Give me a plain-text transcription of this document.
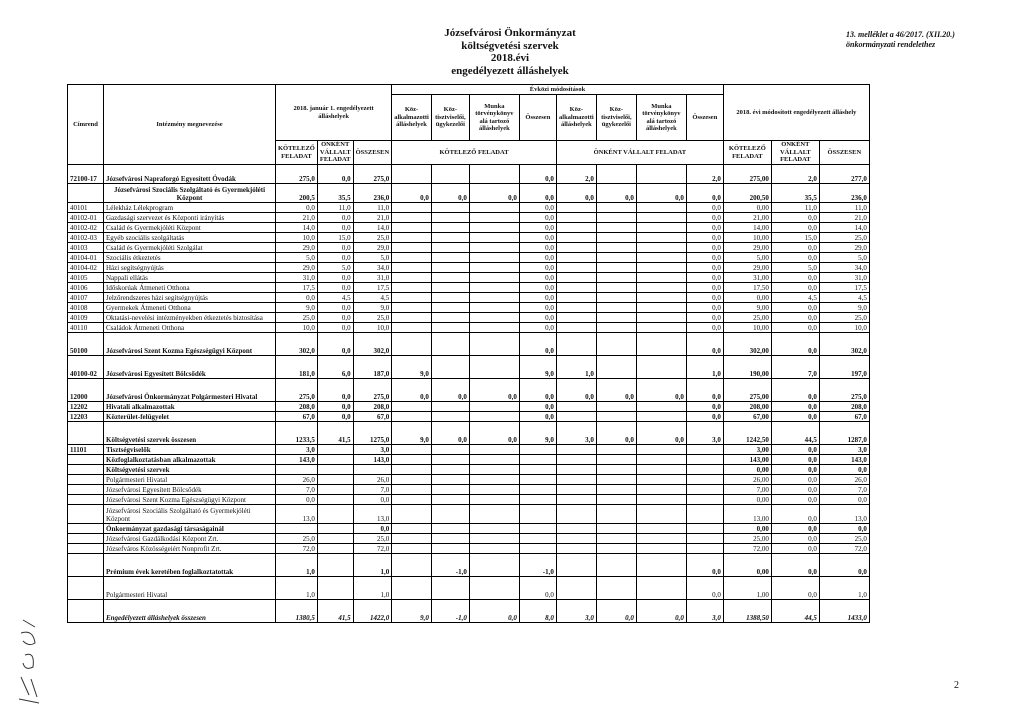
Józsefvárosi Önkormányzat
költségvetési szervek
2018.évi
engedélyezett álláshelyek
13. melléklet a 46/2017. (XII.20.)
önkormányzati rendelethez
Címrend	Intézmény megnevezése	2018. január 1. engedélyezett álláshelyek			Évközi módosítások								2018. évi módosított engedélyezett álláshely		
					Köz-alkalmazotti álláshelyek	Köz-tisztviselői, ügykezelői	Munka törvénykönyv alá tartozó álláshelyek	Összesen	Köz-alkalmazotti álláshelyek	Köz-tisztviselői, ügykezelői	Munka törvénykönyv alá tartozó álláshelyek	Összesen			
		KÖTELEZŐ FELADAT	ÖNKÉNT VÁLLALT FELADAT	ÖSSZESEN	KÖTELEZŐ FELADAT				ÖNKÉNT VÁLLALT FELADAT				KÖTELEZŐ FELADAT	ÖNKÉNT VÁLLALT FELADAT	ÖSSZESEN
72100-17	Józsefvárosi Napraforgó Egyesített Óvodák	275,0	0,0	275,0				0,0	2,0			2,0	275,00	2,0	277,0
	Józsefvárosi Szociális Szolgáltató és Gyermekjóléti Központ	200,5	35,5	236,0	0,0	0,0	0,0	0,0	0,0	0,0	0,0	0,0	200,50	35,5	236,0
40101	Lélekház Lélekprogram	0,0	11,0	11,0				0,0				0,0	0,00	11,0	11,0
40102-01	Gazdasági szervezet és Központi irányítás	21,0	0,0	21,0				0,0				0,0	21,00	0,0	21,0
40102-02	Család és Gyermekjóléti Központ	14,0	0,0	14,0				0,0				0,0	14,00	0,0	14,0
40102-03	Egyéb szociális szolgáltatás	10,0	15,0	25,0				0,0				0,0	10,00	15,0	25,0
40103	Család és Gyermekjóléti Szolgálat	29,0	0,0	29,0				0,0				0,0	29,00	0,0	29,0
40104-01	Szociális étkeztetés	5,0	0,0	5,0				0,0				0,0	5,00	0,0	5,0
40104-02	Házi segítségnyújtás	29,0	5,0	34,0				0,0				0,0	29,00	5,0	34,0
40105	Nappali ellátás	31,0	0,0	31,0				0,0				0,0	31,00	0,0	31,0
40106	Időskorúak Átmeneti Otthona	17,5	0,0	17,5				0,0				0,0	17,50	0,0	17,5
40107	Jelzőrendszeres házi segítségnyújtás	0,0	4,5	4,5				0,0				0,0	0,00	4,5	4,5
40108	Gyermekek Átmeneti Otthona	9,0	0,0	9,0				0,0				0,0	9,00	0,0	9,0
40109	Oktatási-nevelési intézményekben étkeztetés biztosítása	25,0	0,0	25,0				0,0				0,0	25,00	0,0	25,0
40110	Családok Átmeneti Otthona	10,0	0,0	10,0				0,0				0,0	10,00	0,0	10,0
50100	Józsefvárosi Szent Kozma Egészségügyi Központ	302,0	0,0	302,0				0,0				0,0	302,00	0,0	302,0
40100-02	Józsefvárosi Egyesített Bölcsődék	181,0	6,0	187,0	9,0			9,0	1,0			1,0	190,00	7,0	197,0
12000	Józsefvárosi Önkormányzat Polgármesteri Hivatal	275,0	0,0	275,0	0,0	0,0	0,0	0,0	0,0	0,0	0,0	0,0	275,00	0,0	275,0
12202	Hivatali alkalmazottak	208,0	0,0	208,0				0,0				0,0	208,00	0,0	208,0
12203	Közterület-felügyelet	67,0	0,0	67,0				0,0				0,0	67,00	0,0	67,0
	Költségvetési szervek összesen	1233,5	41,5	1275,0	9,0	0,0	0,0	9,0	3,0	0,0	0,0	3,0	1242,50	44,5	1287,0
11101	Tisztségviselők	3,0		3,0									3,00	0,0	3,0
	Közfoglalkoztatásban alkalmazottak	143,0		143,0									143,00	0,0	143,0
	Költségvetési szervek												0,00	0,0	0,0
	Polgármesteri Hivatal	26,0		26,0									26,00	0,0	26,0
	Józsefvárosi Egyesített Bölcsődék	7,0		7,0									7,00	0,0	7,0
	Józsefvárosi Szent Kozma Egészségügyi Központ	0,0		0,0									0,00	0,0	0,0
	Józsefvárosi Szociális Szolgáltató és Gyermekjóléti Központ	13,0		13,0									13,00	0,0	13,0
	Önkormányzat gazdasági társaságainál			0,0									0,00	0,0	0,0
	Józsefvárosi Gazdálkodási Központ Zrt.	25,0		25,0									25,00	0,0	25,0
	Józsefváros Közösségeiért Nonprofit Zrt.	72,0		72,0									72,00	0,0	72,0
	Prémium évek keretében foglalkoztatottak	1,0		1,0		-1,0		-1,0				0,0	0,00	0,0	0,0
	Polgármesteri Hivatal	1,0		1,0				0,0				0,0	1,00	0,0	1,0
	Engedélyezett álláshelyek összesen	1380,5	41,5	1422,0	9,0	-1,0	0,0	8,0	3,0	0,0	0,0	3,0	1388,50	44,5	1433,0
2
